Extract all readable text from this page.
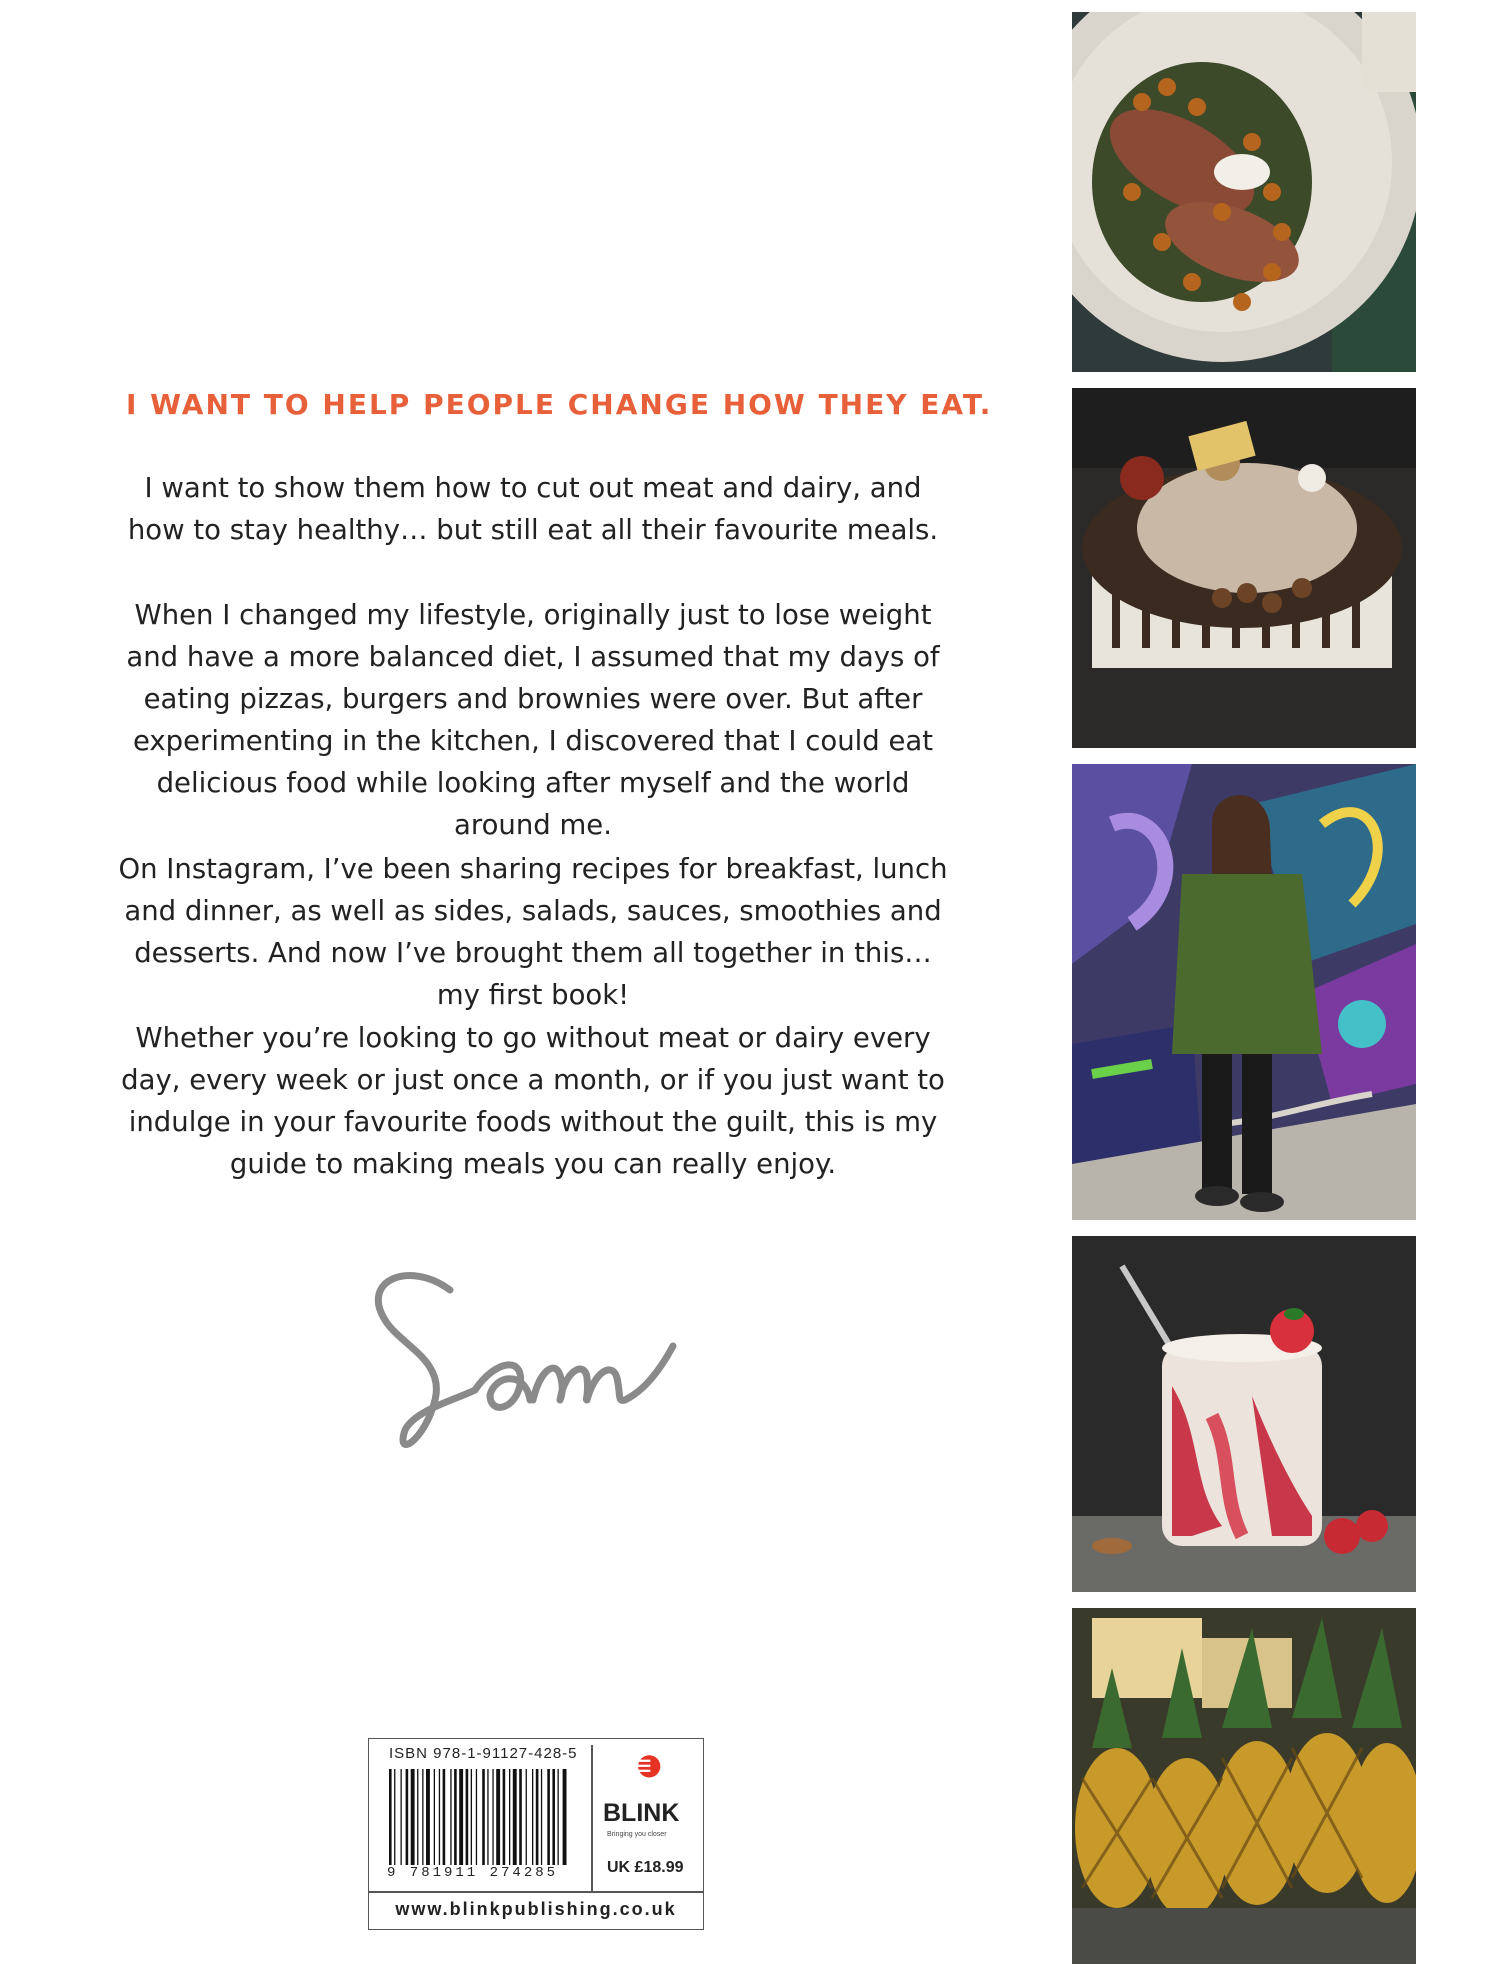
I WANT TO HELP PEOPLE CHANGE HOW THEY EAT.

I want to show them how to cut out meat and dairy, and how to stay healthy… but still eat all their favourite meals.

When I changed my lifestyle, originally just to lose weight and have a more balanced diet, I assumed that my days of eating pizzas, burgers and brownies were over. But after experimenting in the kitchen, I discovered that I could eat delicious food while looking after myself and the world around me.

On Instagram, I’ve been sharing recipes for breakfast, lunch and dinner, as well as sides, salads, sauces, smoothies and desserts. And now I’ve brought them all together in this… my first book!

Whether you’re looking to go without meat or dairy every day, every week or just once a month, or if you just want to indulge in your favourite foods without the guilt, this is my guide to making meals you can really enjoy.

ISBN 978-1-91127-428-5
9 781911 274285
BLINK
Bringing you closer
UK £18.99
www.blinkpublishing.co.uk
